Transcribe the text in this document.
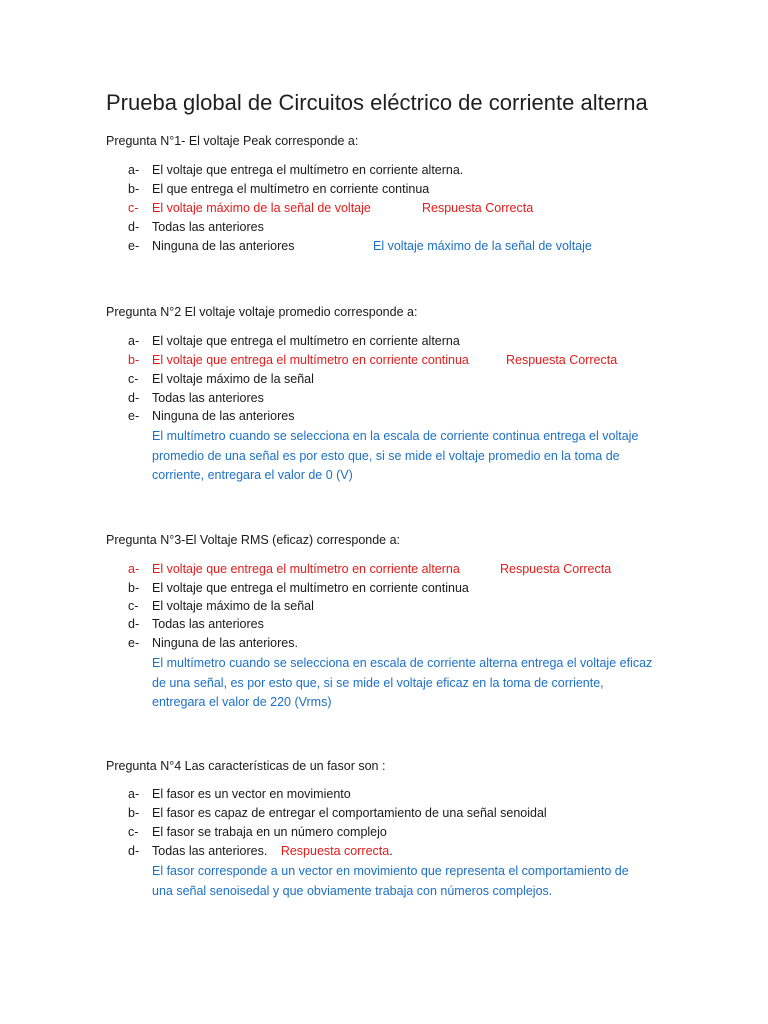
Prueba global de Circuitos eléctrico de corriente alterna
Pregunta N°1- El voltaje Peak corresponde a:
a- El voltaje que entrega el multímetro en corriente alterna.
b- El que entrega el multímetro en corriente continua
c- El voltaje máximo de la señal de voltaje	Respuesta Correcta
d- Todas las anteriores
e- Ninguna de las anteriores	El voltaje máximo de la señal de voltaje
Pregunta N°2 El voltaje voltaje promedio corresponde a:
a- El voltaje que entrega el multímetro en corriente alterna
b- El voltaje que entrega el multímetro en corriente continua	Respuesta Correcta
c- El voltaje máximo de la señal
d- Todas las anteriores
e- Ninguna de las anteriores
El multímetro cuando se selecciona en la escala de corriente continua entrega el voltaje
promedio de una señal es por esto que, si se mide el voltaje promedio en la toma de
corriente, entregara el valor de 0 (V)
Pregunta N°3-El Voltaje RMS (eficaz) corresponde a:
a- El voltaje que entrega el multímetro en corriente alterna	Respuesta Correcta
b- El voltaje que entrega el multímetro en corriente continua
c- El voltaje máximo de la señal
d- Todas las anteriores
e- Ninguna de las anteriores.
El multímetro cuando se selecciona en escala de corriente alterna entrega el voltaje eficaz
de una señal, es por esto que, si se mide el voltaje eficaz en la toma de corriente,
entregara el valor de 220 (Vrms)
Pregunta N°4 Las características de un fasor son :
a- El fasor es un vector en movimiento
b- El fasor es capaz de entregar el comportamiento de una señal senoidal
c- El fasor se trabaja en un número complejo
d- Todas las anteriores. Respuesta correcta.
El fasor corresponde a un vector en movimiento que representa el comportamiento de
una señal senoisedal y que obviamente trabaja con números complejos.
